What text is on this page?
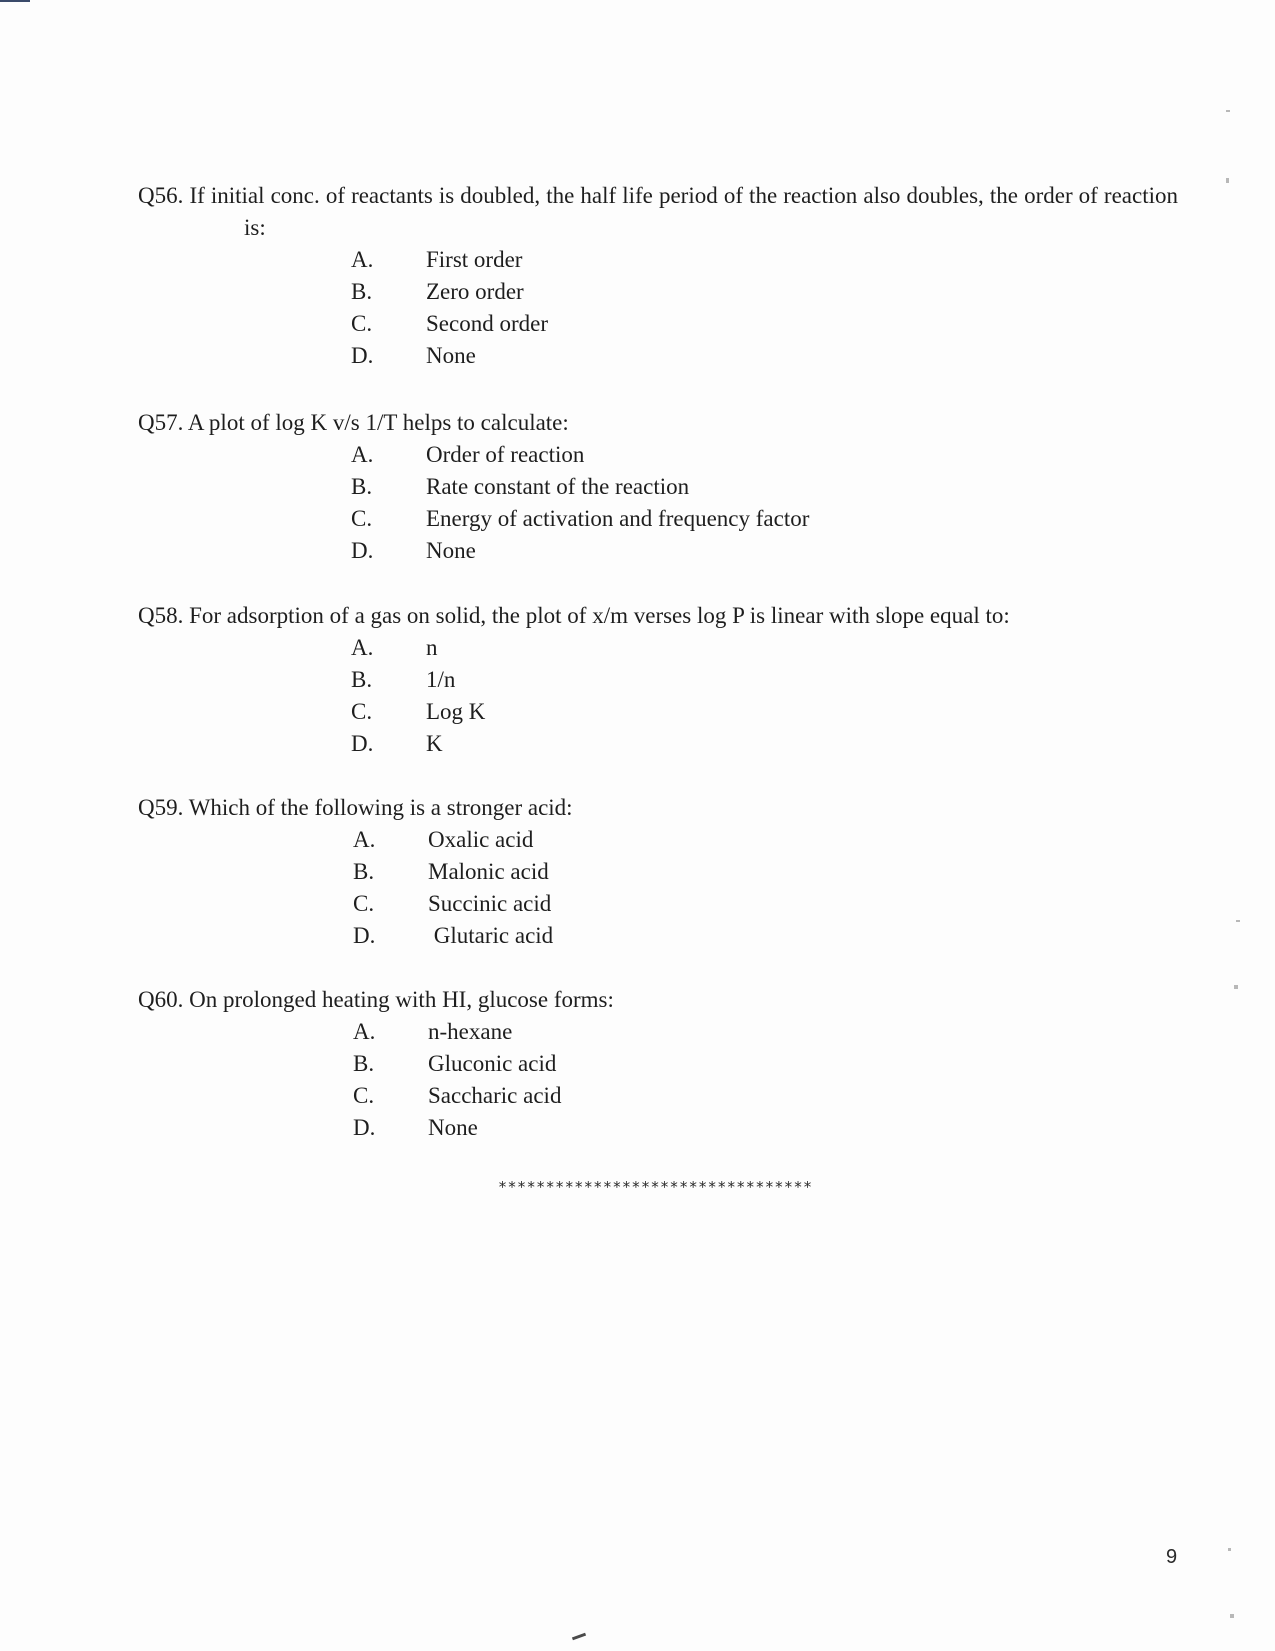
Q56. If initial conc. of reactants is doubled, the half life period of the reaction also doubles, the order of reaction is:

A. First order
B. Zero order
C. Second order
D. None

Q57. A plot of log K v/s 1/T helps to calculate:

A. Order of reaction
B. Rate constant of the reaction
C. Energy of activation and frequency factor
D. None

Q58. For adsorption of a gas on solid, the plot of x/m verses log P is linear with slope equal to:

A. n
B. 1/n
C. Log K
D. K

Q59. Which of the following is a stronger acid:

A. Oxalic acid
B. Malonic acid
C. Succinic acid
D. Glutaric acid

Q60. On prolonged heating with HI, glucose forms:

A. n-hexane
B. Gluconic acid
C. Saccharic acid
D. None
*********************************
9
